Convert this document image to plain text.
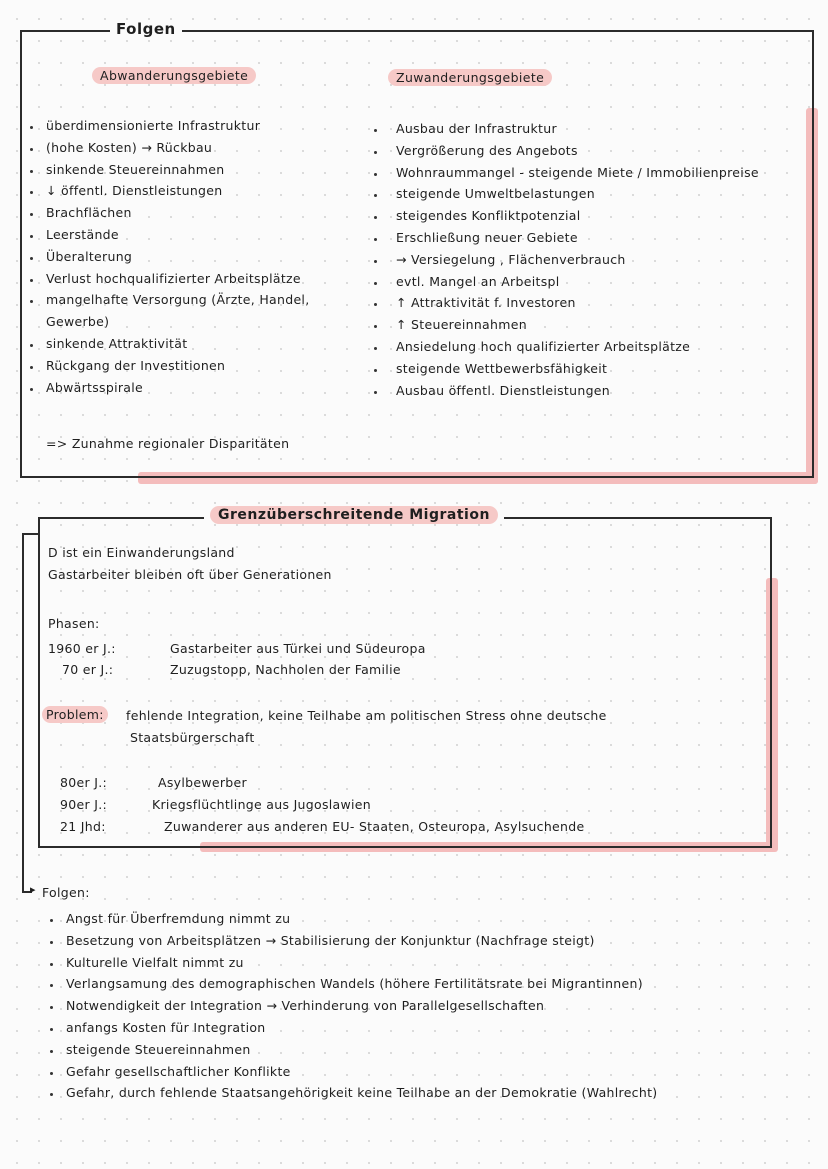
Folgen
Abwanderungsgebiete	Zuwanderungsgebiete
überdimensionierte Infrastruktur
(hohe Kosten) → Rückbau
sinkende Steuereinnahmen
↓ öffentl. Dienstleistungen
Brachflächen
Leerstände
Überalterung
Verlust hochqualifizierter Arbeitsplätze
mangelhafte Versorgung (Ärzte, Handel,
Gewerbe)
sinkende Attraktivität
Rückgang der Investitionen
Abwärtsspirale
Ausbau der Infrastruktur
Vergrößerung des Angebots
Wohnraummangel - steigende Miete / Immobilienpreise
steigende Umweltbelastungen
steigendes Konfliktpotenzial
Erschließung neuer Gebiete
→ Versiegelung , Flächenverbrauch
evtl. Mangel an Arbeitspl
↑ Attraktivität f. Investoren
↑ Steuereinnahmen
Ansiedelung hoch qualifizierter Arbeitsplätze
steigende Wettbewerbsfähigkeit
Ausbau öffentl. Dienstleistungen
=> Zunahme regionaler Disparitäten
Grenzüberschreitende Migration
D ist ein Einwanderungsland
Gastarbeiter bleiben oft über Generationen
Phasen:
1960 er J.:	Gastarbeiter aus Türkei und Südeuropa
70 er J.:	Zuzugstopp, Nachholen der Familie
Problem:	fehlende Integration, keine Teilhabe am politischen Stress ohne deutsche
Staatsbürgerschaft
80er J.:	Asylbewerber
90er J.:	Kriegsflüchtlinge aus Jugoslawien
21 Jhd:	Zuwanderer aus anderen EU- Staaten, Osteuropa, Asylsuchende
▸ Folgen:
Angst für Überfremdung nimmt zu
Besetzung von Arbeitsplätzen → Stabilisierung der Konjunktur (Nachfrage steigt)
Kulturelle Vielfalt nimmt zu
Verlangsamung des demographischen Wandels (höhere Fertilitätsrate bei Migrantinnen)
Notwendigkeit der Integration → Verhinderung von Parallelgesellschaften
anfangs Kosten für Integration
steigende Steuereinnahmen
Gefahr gesellschaftlicher Konflikte
Gefahr, durch fehlende Staatsangehörigkeit keine Teilhabe an der Demokratie (Wahlrecht)
